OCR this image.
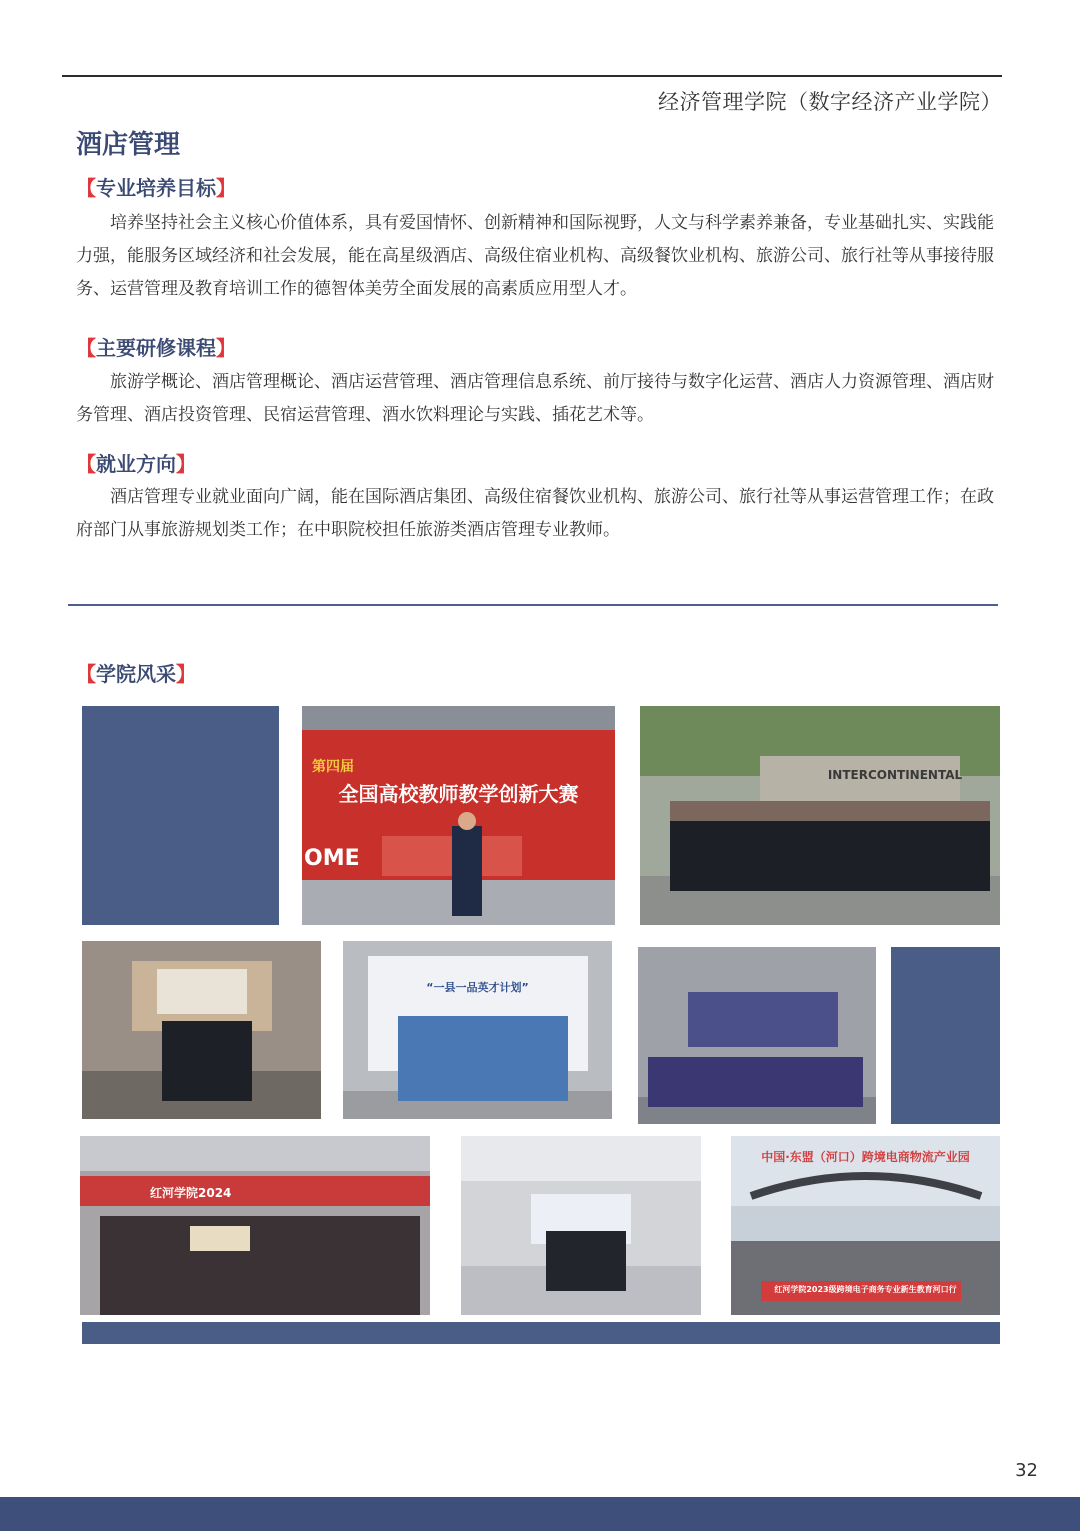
经济管理学院（数字经济产业学院）
酒店管理
【专业培养目标】
培养坚持社会主义核心价值体系，具有爱国情怀、创新精神和国际视野，人文与科学素养兼备，专业基础扎实、实践能力强，能服务区域经济和社会发展，能在高星级酒店、高级住宿业机构、高级餐饮业机构、旅游公司、旅行社等从事接待服务、运营管理及教育培训工作的德智体美劳全面发展的高素质应用型人才。
【主要研修课程】
旅游学概论、酒店管理概论、酒店运营管理、酒店管理信息系统、前厅接待与数字化运营、酒店人力资源管理、酒店财务管理、酒店投资管理、民宿运营管理、酒水饮料理论与实践、插花艺术等。
【就业方向】
酒店管理专业就业面向广阔，能在国际酒店集团、高级住宿餐饮业机构、旅游公司、旅行社等从事运营管理工作；在政府部门从事旅游规划类工作；在中职院校担任旅游类酒店管理专业教师。
【学院风采】
第四届
全国高校教师教学创新大赛
OME
INTERCONTINENTAL
“一县一品英才计划”
红河学院2024
中国·东盟（河口）跨境电商物流产业园
红河学院2023级跨境电子商务专业新生教育河口行
32
